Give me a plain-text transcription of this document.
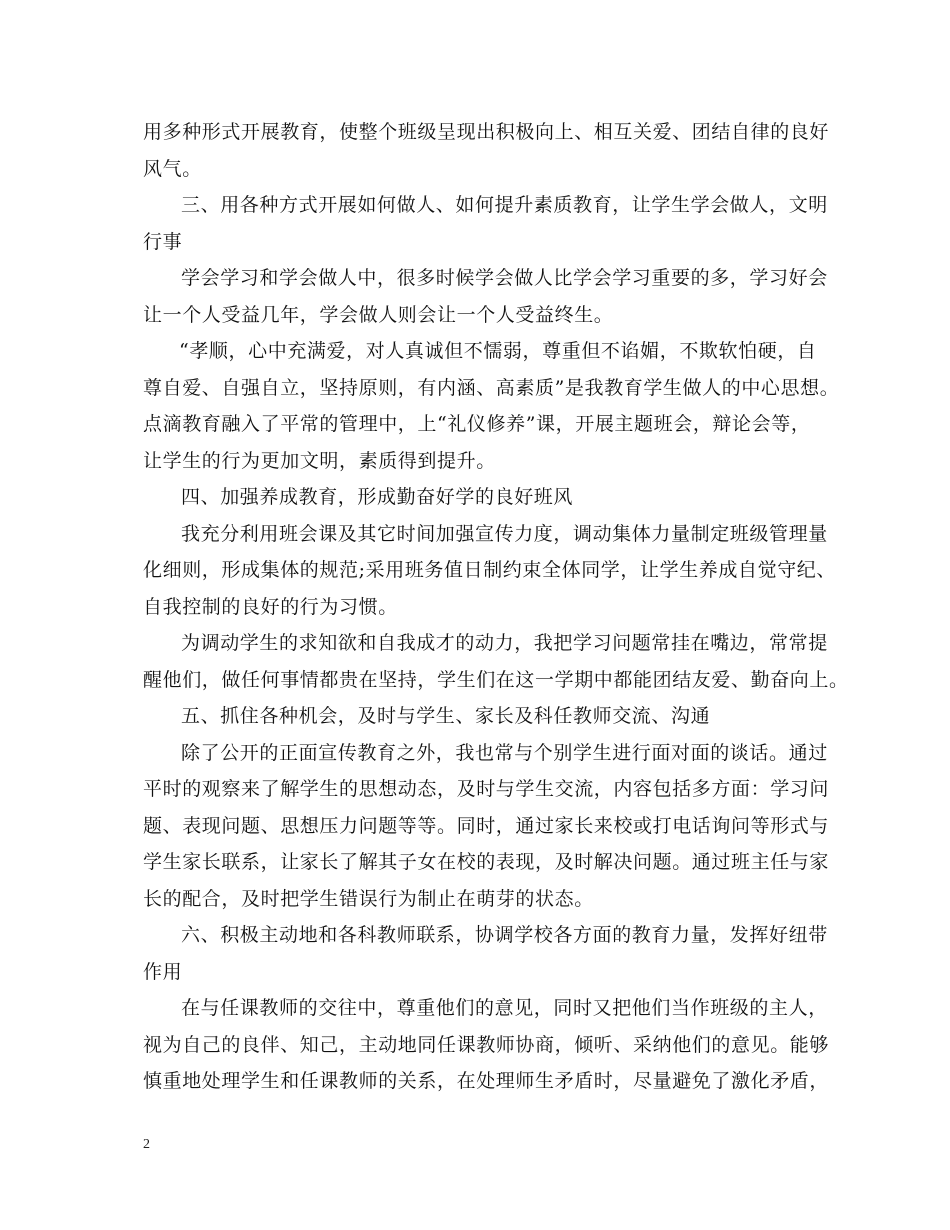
用多种形式开展教育，使整个班级呈现出积极向上、相互关爱、团结自律的良好
风气。
三、用各种方式开展如何做人、如何提升素质教育，让学生学会做人，文明
行事
学会学习和学会做人中，很多时候学会做人比学会学习重要的多，学习好会
让一个人受益几年，学会做人则会让一个人受益终生。
“孝顺，心中充满爱，对人真诚但不懦弱，尊重但不谄媚，不欺软怕硬，自
尊自爱、自强自立，坚持原则，有内涵、高素质”是我教育学生做人的中心思想。
点滴教育融入了平常的管理中，上“礼仪修养”课，开展主题班会，辩论会等，
让学生的行为更加文明，素质得到提升。
四、加强养成教育，形成勤奋好学的良好班风
我充分利用班会课及其它时间加强宣传力度，调动集体力量制定班级管理量
化细则，形成集体的规范;采用班务值日制约束全体同学，让学生养成自觉守纪、
自我控制的良好的行为习惯。
为调动学生的求知欲和自我成才的动力，我把学习问题常挂在嘴边，常常提
醒他们，做任何事情都贵在坚持，学生们在这一学期中都能团结友爱、勤奋向上。
五、抓住各种机会，及时与学生、家长及科任教师交流、沟通
除了公开的正面宣传教育之外，我也常与个别学生进行面对面的谈话。通过
平时的观察来了解学生的思想动态，及时与学生交流，内容包括多方面：学习问
题、表现问题、思想压力问题等等。同时，通过家长来校或打电话询问等形式与
学生家长联系，让家长了解其子女在校的表现，及时解决问题。通过班主任与家
长的配合，及时把学生错误行为制止在萌芽的状态。
六、积极主动地和各科教师联系，协调学校各方面的教育力量，发挥好纽带
作用
在与任课教师的交往中，尊重他们的意见，同时又把他们当作班级的主人，
视为自己的良伴、知己，主动地同任课教师协商，倾听、采纳他们的意见。能够
慎重地处理学生和任课教师的关系，在处理师生矛盾时，尽量避免了激化矛盾，
2
